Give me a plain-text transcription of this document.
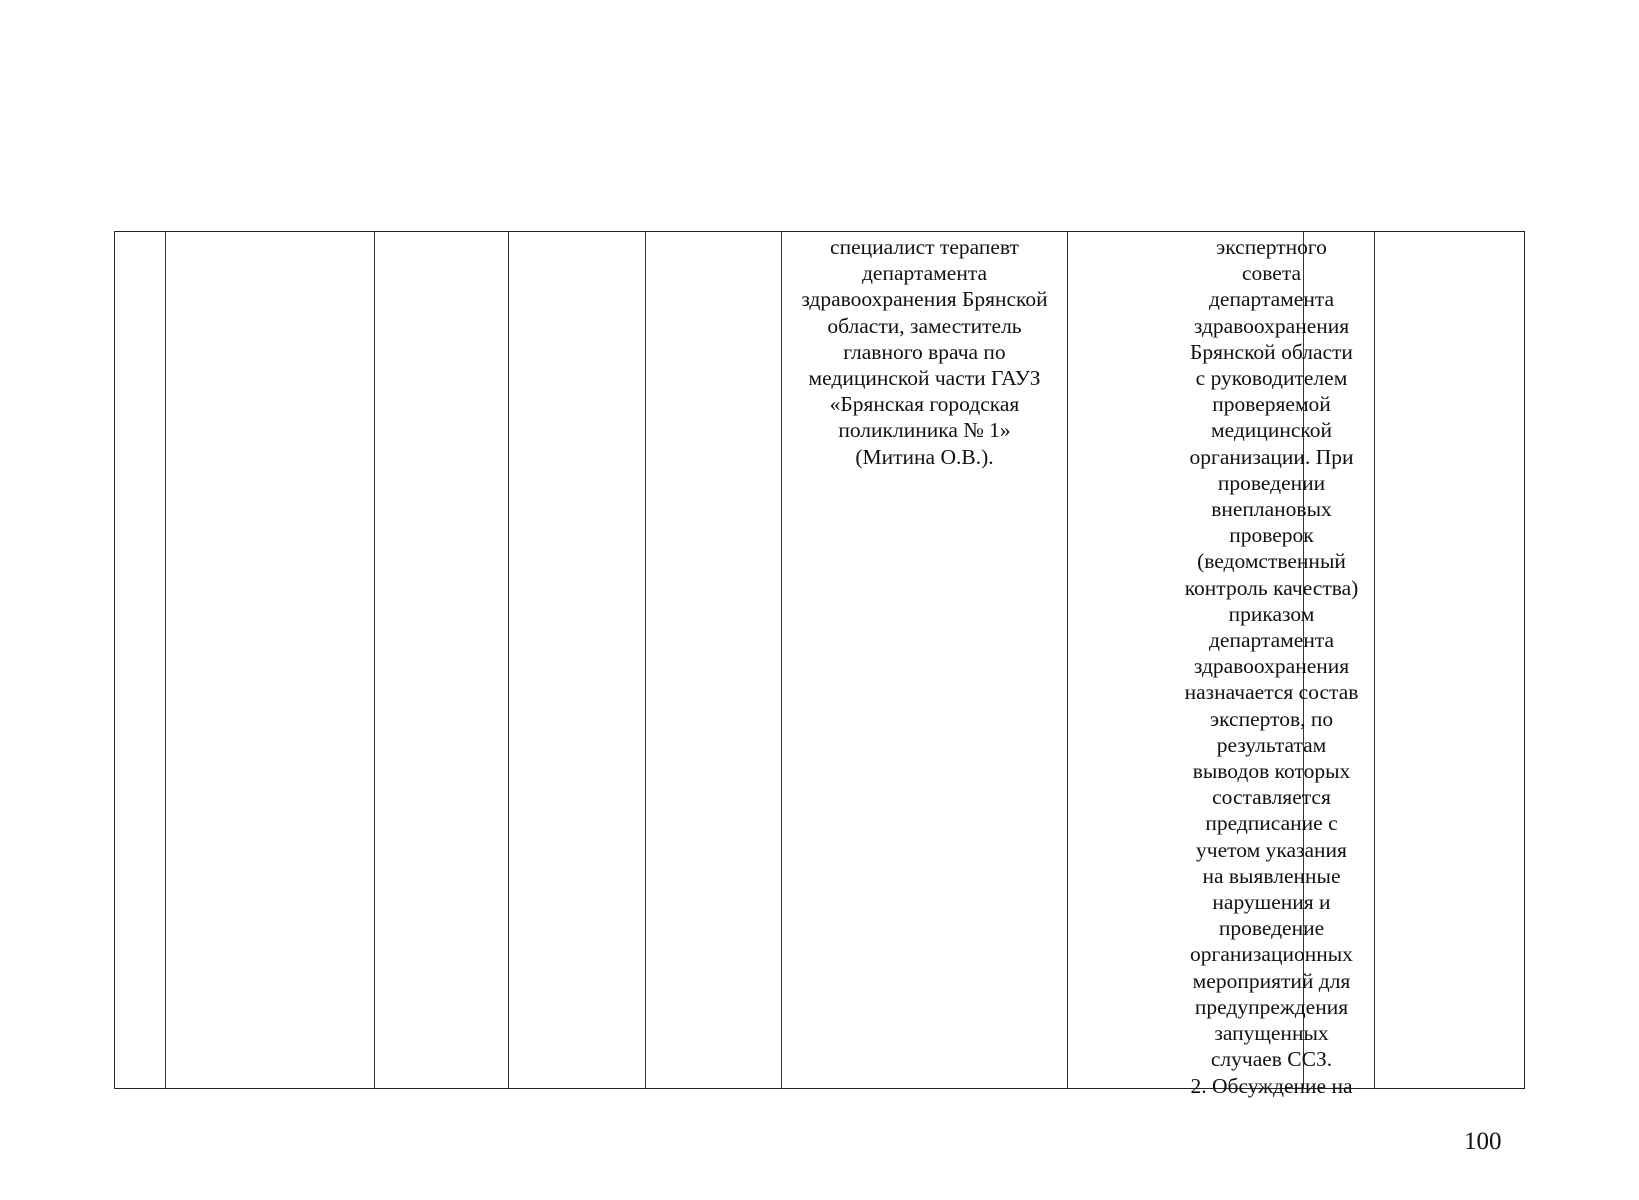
специалист терапевт
департамента
здравоохранения Брянской
области, заместитель
главного врача по
медицинской части ГАУЗ
«Брянская городская
поликлиника № 1»
(Митина О.В.).
экспертного
совета
департамента
здравоохранения
Брянской области
с руководителем
проверяемой
медицинской
организации. При
проведении
внеплановых
проверок
(ведомственный
контроль качества)
приказом
департамента
здравоохранения
назначается состав
экспертов, по
результатам
выводов которых
составляется
предписание с
учетом указания
на выявленные
нарушения и
проведение
организационных
мероприятий для
предупреждения
запущенных
случаев ССЗ.
2. Обсуждение на
100
